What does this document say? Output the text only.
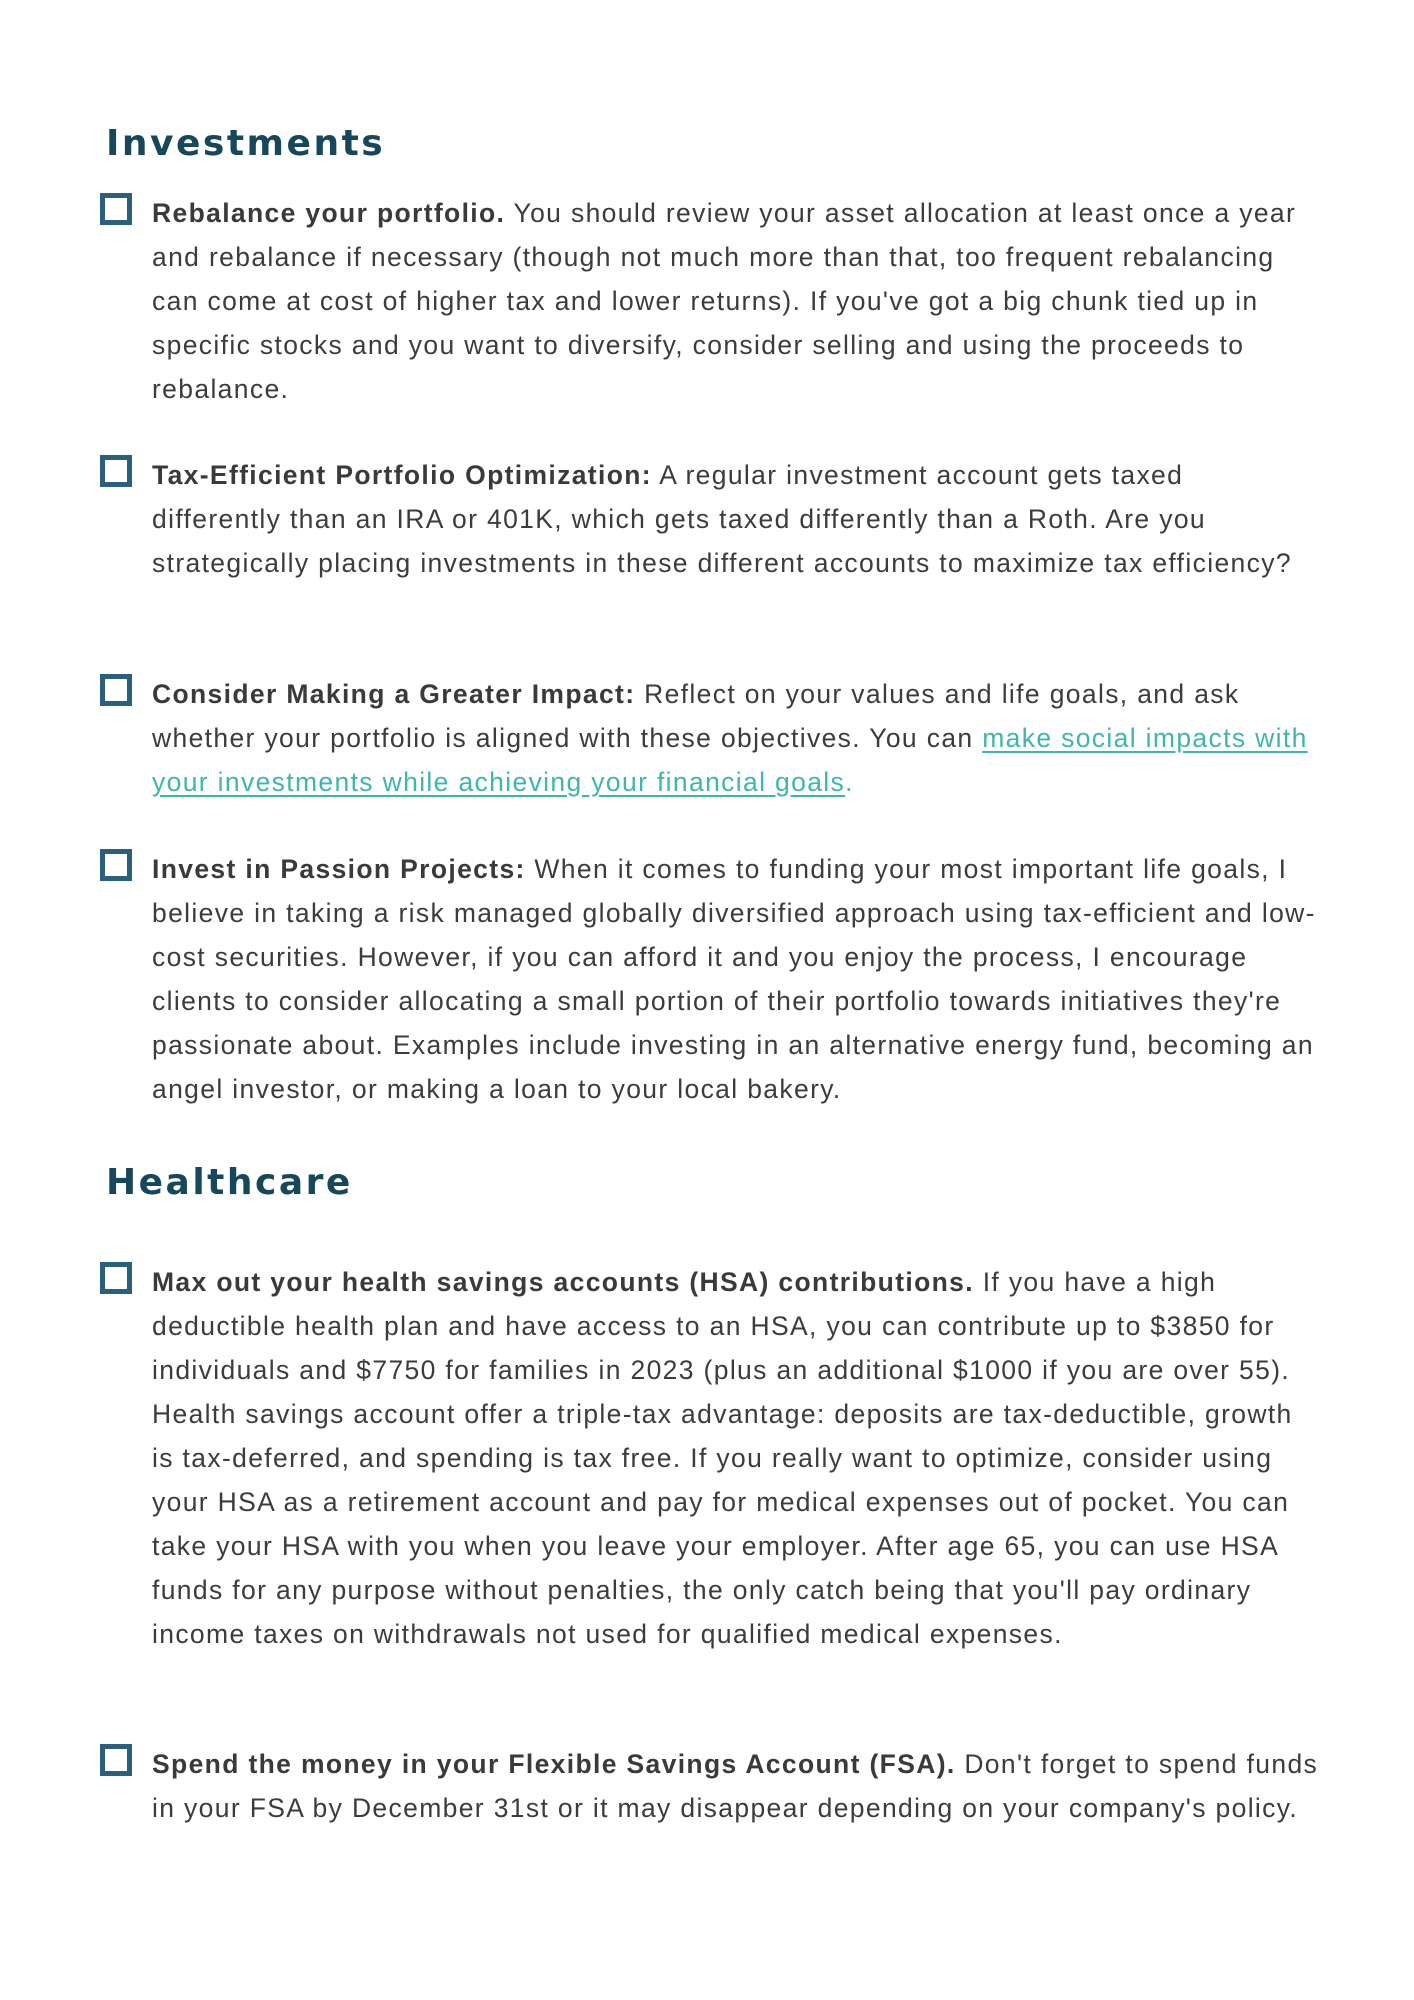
Investments

Rebalance your portfolio. You should review your asset allocation at least once a year and rebalance if necessary (though not much more than that, too frequent rebalancing can come at cost of higher tax and lower returns). If you've got a big chunk tied up in specific stocks and you want to diversify, consider selling and using the proceeds to rebalance.

Tax-Efficient Portfolio Optimization: A regular investment account gets taxed differently than an IRA or 401K, which gets taxed differently than a Roth. Are you strategically placing investments in these different accounts to maximize tax efficiency?

Consider Making a Greater Impact: Reflect on your values and life goals, and ask whether your portfolio is aligned with these objectives. You can make social impacts with your investments while achieving your financial goals.

Invest in Passion Projects: When it comes to funding your most important life goals, I believe in taking a risk managed globally diversified approach using tax-efficient and low-cost securities. However, if you can afford it and you enjoy the process, I encourage clients to consider allocating a small portion of their portfolio towards initiatives they're passionate about. Examples include investing in an alternative energy fund, becoming an angel investor, or making a loan to your local bakery.

Healthcare

Max out your health savings accounts (HSA) contributions. If you have a high deductible health plan and have access to an HSA, you can contribute up to $3850 for individuals and $7750 for families in 2023 (plus an additional $1000 if you are over 55). Health savings account offer a triple-tax advantage: deposits are tax-deductible, growth is tax-deferred, and spending is tax free. If you really want to optimize, consider using your HSA as a retirement account and pay for medical expenses out of pocket. You can take your HSA with you when you leave your employer. After age 65, you can use HSA funds for any purpose without penalties, the only catch being that you'll pay ordinary income taxes on withdrawals not used for qualified medical expenses.

Spend the money in your Flexible Savings Account (FSA). Don't forget to spend funds in your FSA by December 31st or it may disappear depending on your company's policy.
